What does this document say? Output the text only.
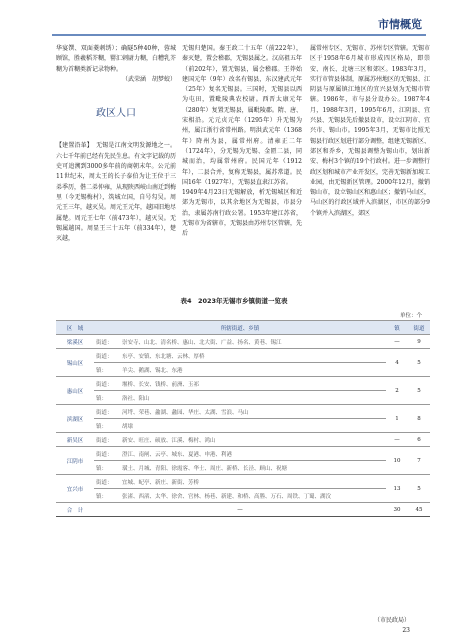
市情概览

华宴馔、双面菱刺绣）；确隧5种40种，蓉城顾馆，胜羲稻芥糊，罂汇刺尉力糊，白糟乳芥糊为首糊类新记录物种。

（武荣涵　胡梦蛟）

政区人口

【建置沿革】　无锡是江南文明发源地之一。六七千年前已经有先民生息。有文字记载的历史可追溯到3000多年前的商朝末年。公元前11世纪末，周太王的长子泰伯为让王位于三弟季历，偕二弟仲雍，从现陕西岐山南迁到梅里（今无锡梅村），筑城立国，自号勾吴。周元王三年，越灭吴。周元王元年，越国旧地尽属楚。周元王七年（前473年），越灭吴。无锡属越国。周显王三十五年（前334年），楚灭越，

无锡归楚国。秦王政二十五年（前222年），秦灭楚，置会稽郡，无锡县属之。汉高祖五年（前202年），置无锡县，属会稽郡。王莽始建国元年（9年）改名有锡县，东汉建武元年（25年）复名无锡县。三国时，无锡县以西为屯田，置毗陵典农校尉。西晋太康元年（280年）复置无锡县，属毗陵郡。隋、唐、宋相沿。元元贞元年（1295年）升无锡为州，属江浙行省常州路。明洪武元年（1368年）降州为县，属常州府。清雍正二年（1724年），分无锡为无锡、金匮二县，同城而治，均属常州府。民国元年（1912年），二县合并，复称无锡县，属苏常道。民国16年（1927年），无锡县直隶江苏省。

1949年4月23日无锡解放，析无锡城区和近郊为无锡市，以其余地区为无锡县，市县分治，隶属苏南行政公署。1953年建江苏省，无锡市为省辖市，无锡县由苏州专区管辖，先后

属常州专区、无锡市、苏州专区管辖。无锡市区于1958年6月城市形成四区格局，即崇安、南长、北塘三区和郊区。1983年3月，实行市管县体制，原属苏州地区的无锡县、江阴县与原属镇江地区的宜兴县划为无锡市管辖。1986年，市与县分设办公。1987年4月，1988年3月，1995年6月，江阴县、宜兴县、无锡县先后撤县设市，设立江阴市、宜兴市、锡山市。1995年3月，无锡市比照无锡县行政区划进行部分调整，组建无锡新区、郊区和乔乡，无锡县调整为锡山市，划出新安、梅村3个镇的19个行政村。进一步调整行政区划和城市产业开发区，完善无锡新加坡工业园，由无锡新区管理。2000年12月，撤销锡山市，设立锡山区和惠山区；撤销马山区，马山区的行政区域并入滨湖区，市区的部分9个镇并入滨湖区，郊区

表4　2023年无锡市乡镇街道一览表
单位：个
区　域	所辖街道、乡镇		镇	街道
梁溪区	街道：	崇安寺、山北、清名桥、惠山、北大街、广益、扬名、黄巷、锡江	—	9
锡山区	街道：	东亭、安镇、东北塘、云林、厚桥	4	5
	镇：	羊尖、鹅湖、锡北、东港		
惠山区	街道：	堰桥、长安、钱桥、前洲、玉祁	2	5
	镇：	洛社、阳山		
滨湖区	街道：	河埒、荣巷、蠡湖、蠡园、华庄、太湖、雪浪、马山	1	8
	镇：	胡埭		
新吴区	街道：	新安、旺庄、硕放、江溪、梅村、鸿山	—	6
江阴市	街道：	澄江、南闸、云亭、城东、夏港、申港、利港	10	7
	镇：	璜土、月城、青阳、徐霞客、华士、周庄、新桥、长泾、顾山、祝塘		
宜兴市	街道：	宜城、屺亭、新庄、新街、芳桥	13	5
	镇：	张渚、西渚、太华、徐舍、官林、杨巷、新建、和桥、高塍、万石、周铁、丁蜀、湖㳇		
合　计	—		30	45
（市民政局）
23
